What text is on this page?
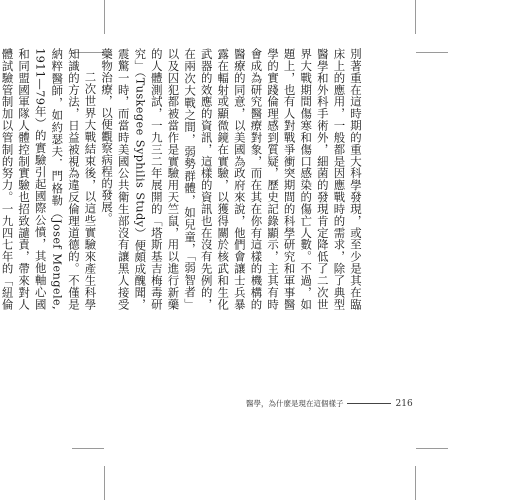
別著重在這時期的重大科學發現，或至少是其在臨床上的應用，一般都是因應戰時的需求，除了典型醫學和外科手術外，細菌的發現肯定降低了二次世界大戰期間傷寒和傷口感染的傷亡人數。不過，如題上，也有人對戰爭衝突期間的科學研究和軍事醫學的實踐倫理感到質疑，歷史記錄顯示，主其有時會成為研究醫療對象，而在其在你有這樣的機構的醫療的同意，以美國為政府來說，他們會讓士兵暴露在輻射或顯微鏡在實驗，以獲得關於核武和生化武器的效應的資訊，這樣的資訊也在沒有先例的，在兩次大戰之間，弱勢群體，如兒童，「弱智者」以及囚犯都被當作是實驗用天竺鼠，用以進行新藥的人體測試，一九三二年展開的「塔斯基吉梅毒研究」（Tuskegee Syphilis Study）便頗成醜聞，震驚一時，而當時美國公共衛生部沒有讓黑人接受藥物治療，以便觀察病程的發展。

二次世界大戰結束後，以這些實驗來產生科學知識的方法，日益被視為違反倫理道德的。不僅是納粹醫師，如約瑟夫．門格勒（Josef Mengele, 1911—79年）的實驗引起國際公憤，其他軸心國和同盟國軍隊人體控制實驗也招致譴責，帶來對人體試驗管制加以管制的努力。一九四七年的「紐倫

醫學，為什麼是現在這個樣子	216
